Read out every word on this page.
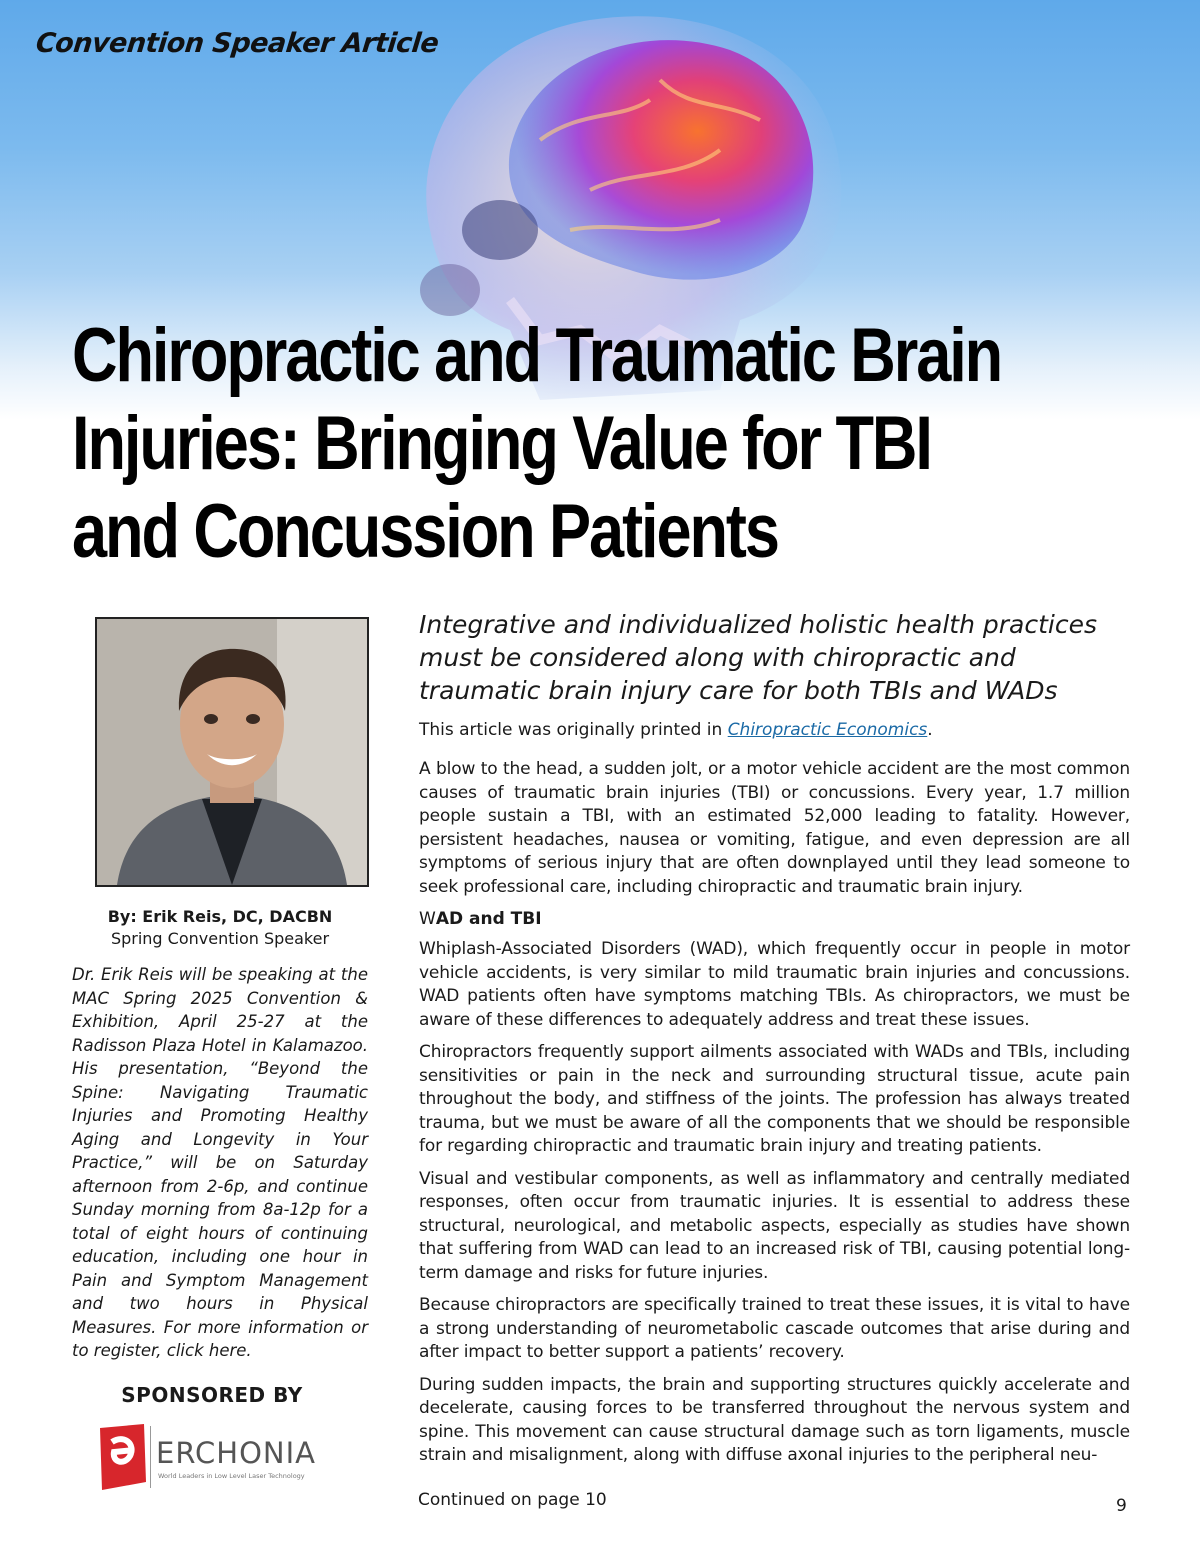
Convention Speaker Article
Chiropractic and Traumatic Brain
Injuries: Bringing Value for TBI
and Concussion Patients
By: Erik Reis, DC, DACBN
Spring Convention Speaker

Dr. Erik Reis will be speaking at the MAC Spring 2025 Convention & Exhibition, April 25-27 at the Radisson Plaza Hotel in Kalamazoo. His presentation, “Beyond the Spine: Navigating Traumatic Injuries and Promoting Healthy Aging and Longevity in Your Practice,” will be on Saturday afternoon from 2-6p, and continue Sunday morning from 8a-12p for a total of eight hours of continuing education, including one hour in Pain and Symptom Management and two hours in Physical Measures. For more information or to register, click here.

SPONSORED BY
ERCHONIA
World Leaders in Low Level Laser Technology

Integrative and individualized holistic health practices must be considered along with chiropractic and traumatic brain injury care for both TBIs and WADs

This article was originally printed in Chiropractic Economics.

A blow to the head, a sudden jolt, or a motor vehicle accident are the most common causes of traumatic brain injuries (TBI) or concussions. Every year, 1.7 million people sustain a TBI, with an estimated 52,000 leading to fatality. However, persistent headaches, nausea or vomiting, fatigue, and even depression are all symptoms of serious injury that are often downplayed until they lead someone to seek professional care, including chiropractic and traumatic brain injury.

WAD and TBI

Whiplash-Associated Disorders (WAD), which frequently occur in people in motor vehicle accidents, is very similar to mild traumatic brain injuries and concussions. WAD patients often have symptoms matching TBIs. As chiropractors, we must be aware of these differences to adequately address and treat these issues.

Chiropractors frequently support ailments associated with WADs and TBIs, including sensitivities or pain in the neck and surrounding structural tissue, acute pain throughout the body, and stiffness of the joints. The profession has always treated trauma, but we must be aware of all the components that we should be responsible for regarding chiropractic and traumatic brain injury and treating patients.

Visual and vestibular components, as well as inflammatory and centrally mediated responses, often occur from traumatic injuries. It is essential to address these structural, neurological, and metabolic aspects, especially as studies have shown that suffering from WAD can lead to an increased risk of TBI, causing potential long-term damage and risks for future injuries.

Because chiropractors are specifically trained to treat these issues, it is vital to have a strong understanding of neurometabolic cascade outcomes that arise during and after impact to better support a patients’ recovery.

During sudden impacts, the brain and supporting structures quickly accelerate and decelerate, causing forces to be transferred throughout the nervous system and spine. This movement can cause structural damage such as torn ligaments, muscle strain and misalignment, along with diffuse axonal injuries to the peripheral neu-

Continued on page 10	9
